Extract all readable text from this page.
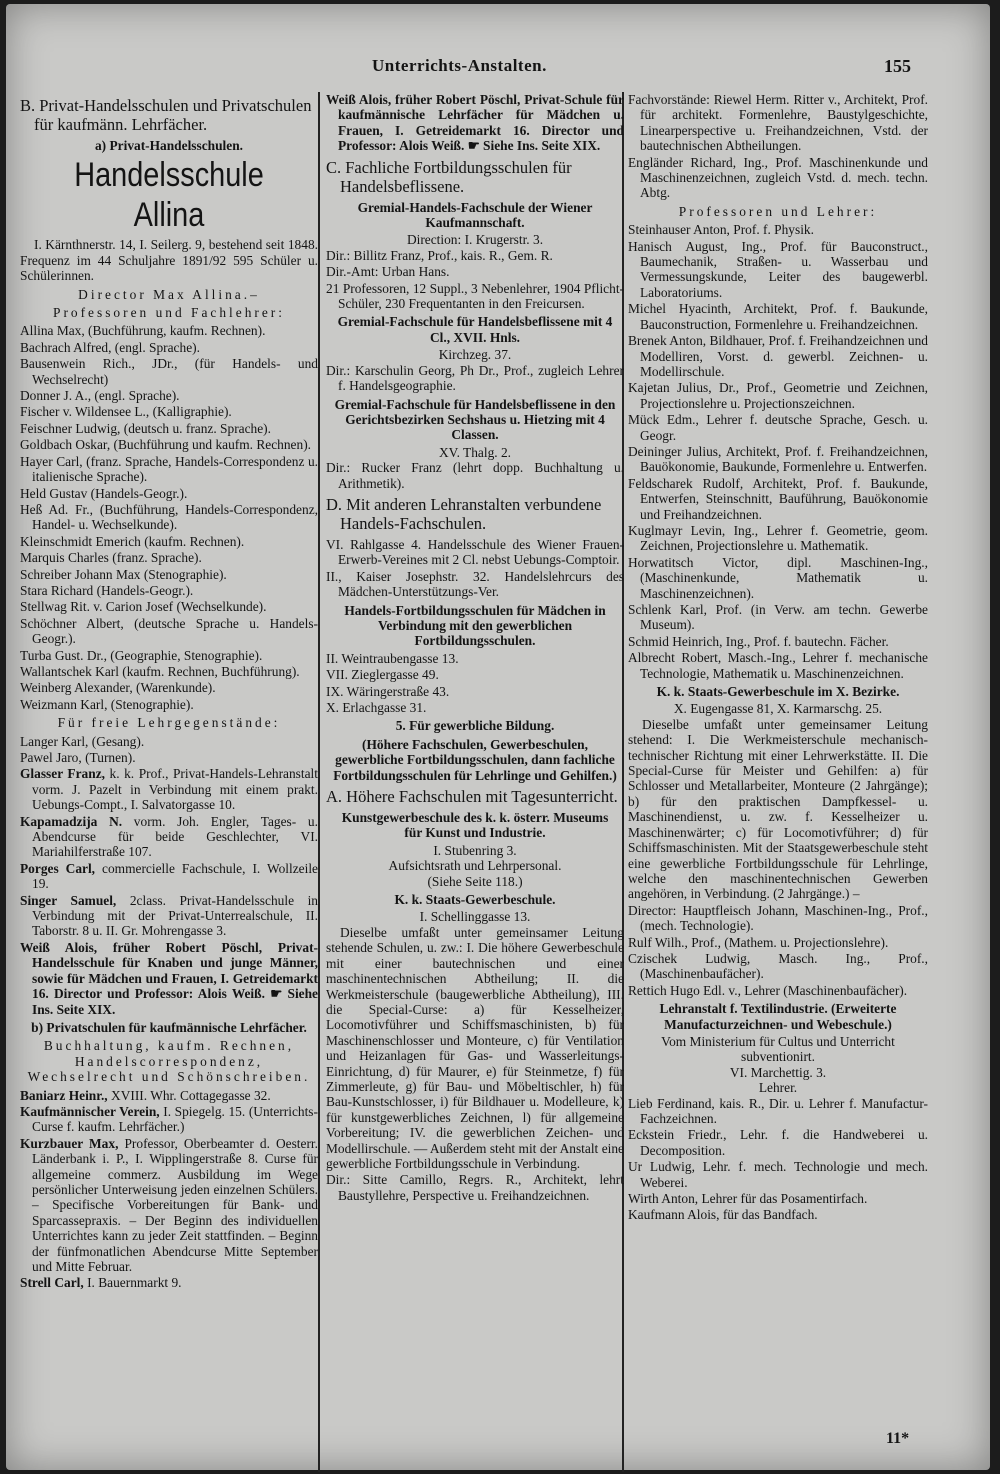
Unterrichts-Anstalten.	155
B. Privat-Handelsschulen und Privatschulen für kaufmänn. Lehrfächer.
a) Privat-Handelsschulen.
Handelsschule Allina
I. Kärnthnerstr. 14, I. Seilerg. 9, bestehend seit 1848. Frequenz im 44 Schuljahre 1891/92 595 Schüler u. Schülerinnen.
Director Max Allina.–
Professoren und Fachlehrer:
Allina Max, (Buchführung, kaufm. Rechnen).
Bachrach Alfred, (engl. Sprache).
Bausenwein Rich., JDr., (für Handels- und Wechselrecht)
Donner J. A., (engl. Sprache).
Fischer v. Wildensee L., (Kalligraphie).
Feischner Ludwig, (deutsch u. franz. Sprache).
Goldbach Oskar, (Buchführung und kaufm. Rechnen).
Hayer Carl, (franz. Sprache, Handels-Correspondenz u. italienische Sprache).
Held Gustav (Handels-Geogr.).
Heß Ad. Fr., (Buchführung, Handels-Correspondenz, Handel- u. Wechselkunde).
Kleinschmidt Emerich (kaufm. Rechnen).
Marquis Charles (franz. Sprache).
Schreiber Johann Max (Stenographie).
Stara Richard (Handels-Geogr.).
Stellwag Rit. v. Carion Josef (Wechselkunde).
Schöchner Albert, (deutsche Sprache u. Handels-Geogr.).
Turba Gust. Dr., (Geographie, Stenographie).
Wallantschek Karl (kaufm. Rechnen, Buchführung).
Weinberg Alexander, (Warenkunde).
Weizmann Karl, (Stenographie).
Für freie Lehrgegenstände:
Langer Karl, (Gesang).
Pawel Jaro, (Turnen).
Glasser Franz, k. k. Prof., Privat-Handels-Lehranstalt vorm. J. Pazelt in Verbindung mit einem prakt. Uebungs-Compt., I. Salvatorgasse 10.
Kapamadzija N. vorm. Joh. Engler, Tages- u. Abendcurse für beide Geschlechter, VI. Mariahilferstraße 107.
Porges Carl, commercielle Fachschule, I. Wollzeile 19.
Singer Samuel, 2class. Privat-Handelsschule in Verbindung mit der Privat-Unterrealschule, II. Taborstr. 8 u. II. Gr. Mohrengasse 3.
Weiß Alois, früher Robert Pöschl, Privat-Handelsschule für Knaben und junge Männer, sowie für Mädchen und Frauen, I. Getreidemarkt 16. Director und Professor: Alois Weiß. ☛ Siehe Ins. Seite XIX.
b) Privatschulen für kaufmännische Lehrfächer.
Buchhaltung, kaufm. Rechnen, Handelscorrespondenz, Wechselrecht und Schönschreiben.
Baniarz Heinr., XVIII. Whr. Cottagegasse 32.
Kaufmännischer Verein, I. Spiegelg. 15. (Unterrichts-Curse f. kaufm. Lehrfächer.)
Kurzbauer Max, Professor, Oberbeamter d. Oesterr. Länderbank i. P., I. Wipplingerstraße 8. Curse für allgemeine commerz. Ausbildung im Wege persönlicher Unterweisung jeden einzelnen Schülers. – Specifische Vorbereitungen für Bank- und Sparcassepraxis. – Der Beginn des individuellen Unterrichtes kann zu jeder Zeit stattfinden. – Beginn der fünfmonatlichen Abendcurse Mitte September und Mitte Februar.
Strell Carl, I. Bauernmarkt 9.
Weiß Alois, früher Robert Pöschl, Privat-Schule für kaufmännische Lehrfächer für Mädchen u. Frauen, I. Getreidemarkt 16. Director und Professor: Alois Weiß. ☛ Siehe Ins. Seite XIX.
C. Fachliche Fortbildungsschulen für Handelsbeflissene.
Gremial-Handels-Fachschule der Wiener Kaufmannschaft.
Direction: I. Krugerstr. 3.
Dir.: Billitz Franz, Prof., kais. R., Gem. R.
Dir.-Amt: Urban Hans.
21 Professoren, 12 Suppl., 3 Nebenlehrer, 1904 Pflicht-Schüler, 230 Frequentanten in den Freicursen.
Gremial-Fachschule für Handelsbeflissene mit 4 Cl., XVII. Hnls.
Kirchzeg. 37.
Dir.: Karschulin Georg, Ph Dr., Prof., zugleich Lehrer f. Handelsgeographie.
Gremial-Fachschule für Handelsbeflissene in den Gerichtsbezirken Sechshaus u. Hietzing mit 4 Classen.
XV. Thalg. 2.
Dir.: Rucker Franz (lehrt dopp. Buchhaltung u. Arithmetik).
D. Mit anderen Lehranstalten verbundene Handels-Fachschulen.
VI. Rahlgasse 4. Handelsschule des Wiener Frauen-Erwerb-Vereines mit 2 Cl. nebst Uebungs-Comptoir.
II., Kaiser Josephstr. 32. Handelslehrcurs des Mädchen-Unterstützungs-Ver.
Handels-Fortbildungsschulen für Mädchen in Verbindung mit den gewerblichen Fortbildungsschulen.
II. Weintraubengasse 13.
VII. Zieglergasse 49.
IX. Wäringerstraße 43.
X. Erlachgasse 31.
5. Für gewerbliche Bildung.
(Höhere Fachschulen, Gewerbeschulen, gewerbliche Fortbildungsschulen, dann fachliche Fortbildungsschulen für Lehrlinge und Gehilfen.)
A. Höhere Fachschulen mit Tagesunterricht.
Kunstgewerbeschule des k. k. österr. Museums für Kunst und Industrie.
I. Stubenring 3.
Aufsichtsrath und Lehrpersonal.
(Siehe Seite 118.)
K. k. Staats-Gewerbeschule.
I. Schellinggasse 13.
Dieselbe umfaßt unter gemeinsamer Leitung stehende Schulen, u. zw.: I. Die höhere Gewerbeschule mit einer bautechnischen und einer maschinentechnischen Abtheilung; II. die Werkmeisterschule (baugewerbliche Abtheilung), III. die Special-Curse: a) für Kesselheizer, Locomotivführer und Schiffsmaschinisten, b) für Maschinenschlosser und Monteure, c) für Ventilation und Heizanlagen für Gas- und Wasserleitungs-Einrichtung, d) für Maurer, e) für Steinmetze, f) für Zimmerleute, g) für Bau- und Möbeltischler, h) für Bau-Kunstschlosser, i) für Bildhauer u. Modelleure, k) für kunstgewerbliches Zeichnen, l) für allgemeine Vorbereitung; IV. die gewerblichen Zeichen- und Modellirschule. — Außerdem steht mit der Anstalt eine gewerbliche Fortbildungsschule in Verbindung.
Dir.: Sitte Camillo, Regrs. R., Architekt, lehrt Baustyllehre, Perspective u. Freihandzeichnen.
Fachvorstände: Riewel Herm. Ritter v., Architekt, Prof. für architekt. Formenlehre, Baustylgeschichte, Linearperspective u. Freihandzeichnen, Vstd. der bautechnischen Abtheilungen.
Engländer Richard, Ing., Prof. Maschinenkunde und Maschinenzeichnen, zugleich Vstd. d. mech. techn. Abtg.
Professoren und Lehrer:
Steinhauser Anton, Prof. f. Physik.
Hanisch August, Ing., Prof. für Bauconstruct., Baumechanik, Straßen- u. Wasserbau und Vermessungskunde, Leiter des baugewerbl. Laboratoriums.
Michel Hyacinth, Architekt, Prof. f. Baukunde, Bauconstruction, Formenlehre u. Freihandzeichnen.
Brenek Anton, Bildhauer, Prof. f. Freihandzeichnen und Modelliren, Vorst. d. gewerbl. Zeichnen- u. Modellirschule.
Kajetan Julius, Dr., Prof., Geometrie und Zeichnen, Projectionslehre u. Projectionszeichnen.
Mück Edm., Lehrer f. deutsche Sprache, Gesch. u. Geogr.
Deininger Julius, Architekt, Prof. f. Freihandzeichnen, Bauökonomie, Baukunde, Formenlehre u. Entwerfen.
Feldscharek Rudolf, Architekt, Prof. f. Baukunde, Entwerfen, Steinschnitt, Bauführung, Bauökonomie und Freihandzeichnen.
Kuglmayr Levin, Ing., Lehrer f. Geometrie, geom. Zeichnen, Projectionslehre u. Mathematik.
Horwatitsch Victor, dipl. Maschinen-Ing., (Maschinenkunde, Mathematik u. Maschinenzeichnen).
Schlenk Karl, Prof. (in Verw. am techn. Gewerbe Museum).
Schmid Heinrich, Ing., Prof. f. bautechn. Fächer.
Albrecht Robert, Masch.-Ing., Lehrer f. mechanische Technologie, Mathematik u. Maschinenzeichnen.
K. k. Staats-Gewerbeschule im X. Bezirke.
X. Eugengasse 81, X. Karmarschg. 25.
Dieselbe umfaßt unter gemeinsamer Leitung stehend: I. Die Werkmeisterschule mechanisch-technischer Richtung mit einer Lehrwerkstätte. II. Die Special-Curse für Meister und Gehilfen: a) für Schlosser und Metallarbeiter, Monteure (2 Jahrgänge); b) für den praktischen Dampfkessel- u. Maschinendienst, u. zw. f. Kesselheizer u. Maschinenwärter; c) für Locomotivführer; d) für Schiffsmaschinisten. Mit der Staatsgewerbeschule steht eine gewerbliche Fortbildungsschule für Lehrlinge, welche den maschinentechnischen Gewerben angehören, in Verbindung. (2 Jahrgänge.) –
Director: Hauptfleisch Johann, Maschinen-Ing., Prof., (mech. Technologie).
Rulf Wilh., Prof., (Mathem. u. Projectionslehre).
Czischek Ludwig, Masch. Ing., Prof., (Maschinenbaufächer).
Rettich Hugo Edl. v., Lehrer (Maschinenbaufächer).
Lehranstalt f. Textilindustrie. (Erweiterte Manufacturzeichnen- und Webeschule.)
Vom Ministerium für Cultus und Unterricht subventionirt.
VI. Marchettig. 3.
Lehrer.
Lieb Ferdinand, kais. R., Dir. u. Lehrer f. Manufactur-Fachzeichnen.
Eckstein Friedr., Lehr. f. die Handweberei u. Decomposition.
Ur Ludwig, Lehr. f. mech. Technologie und mech. Weberei.
Wirth Anton, Lehrer für das Posamentirfach.
Kaufmann Alois, für das Bandfach.
11*
